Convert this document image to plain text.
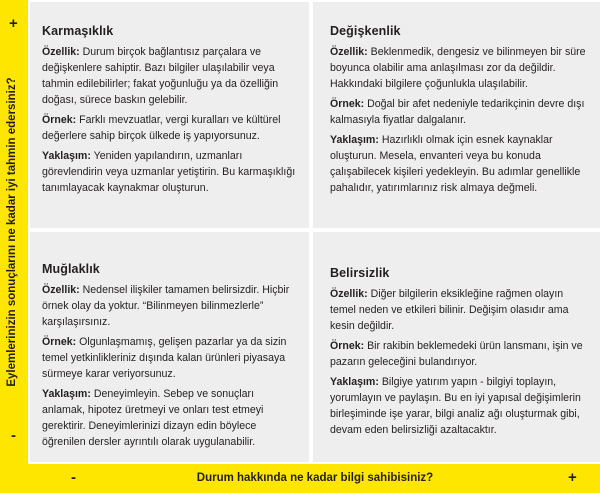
+
Eylemlerinizin sonuçlarını ne kadar iyi tahmin edersiniz?
-
-	Durum hakkında ne kadar bilgi sahibisiniz?	+
Karmaşıklık

Özellik: Durum birçok bağlantısız parçalara ve değişkenlere sahiptir. Bazı bilgiler ulaşılabilir veya tahmin edilebilirler; fakat yoğunluğu ya da özelliğin doğası, sürece baskın gelebilir.

Örnek: Farklı mevzuatlar, vergi kuralları ve kültürel değerlere sahip birçok ülkede iş yapıyorsunuz.

Yaklaşım: Yeniden yapılandırın, uzmanları görevlendirin veya uzmanlar yetiştirin. Bu karmaşıklığı tanımlayacak kaynakmar oluşturun.

Değişkenlik

Özellik: Beklenmedik, dengesiz ve bilinmeyen bir süre boyunca olabilir ama anlaşılması zor da değildir. Hakkındaki bilgilere çoğunlukla ulaşılabilir.

Örnek: Doğal bir afet nedeniyle tedarikçinin devre dışı kalmasıyla fiyatlar dalgalanır.

Yaklaşım: Hazırlıklı olmak için esnek kaynaklar oluşturun. Mesela, envanteri veya bu konuda çalışabilecek kişileri yedekleyin. Bu adımlar genellikle pahalıdır, yatırımlarınız risk almaya değmeli.

Muğlaklık

Özellik: Nedensel ilişkiler tamamen belirsizdir. Hiçbir örnek olay da yoktur. “Bilinmeyen bilinmezlerle” karşılaşırsınız.

Örnek: Olgunlaşmamış, gelişen pazarlar ya da sizin temel yetkinlikleriniz dışında kalan ürünleri piyasaya sürmeye karar veriyorsunuz.

Yaklaşım: Deneyimleyin. Sebep ve sonuçları anlamak, hipotez üretmeyi ve onları test etmeyi gerektirir. Deneyimlerinizi dizayn edin böylece öğrenilen dersler ayrıntılı olarak uygulanabilir.

Belirsizlik

Özellik: Diğer bilgilerin eksikleğine rağmen olayın temel neden ve etkileri bilinir. Değişim olasıdır ama kesin değildir.

Örnek: Bir rakibin beklemedeki ürün lansmanı, işin ve pazarın geleceğini bulandırıyor.

Yaklaşım: Bilgiye yatırım yapın - bilgiyi toplayın, yorumlayın ve paylaşın. Bu en iyi yapısal değişimlerin birleşiminde işe yarar, bilgi analiz ağı oluşturmak gibi, devam eden belirsizliği azaltacaktır.
